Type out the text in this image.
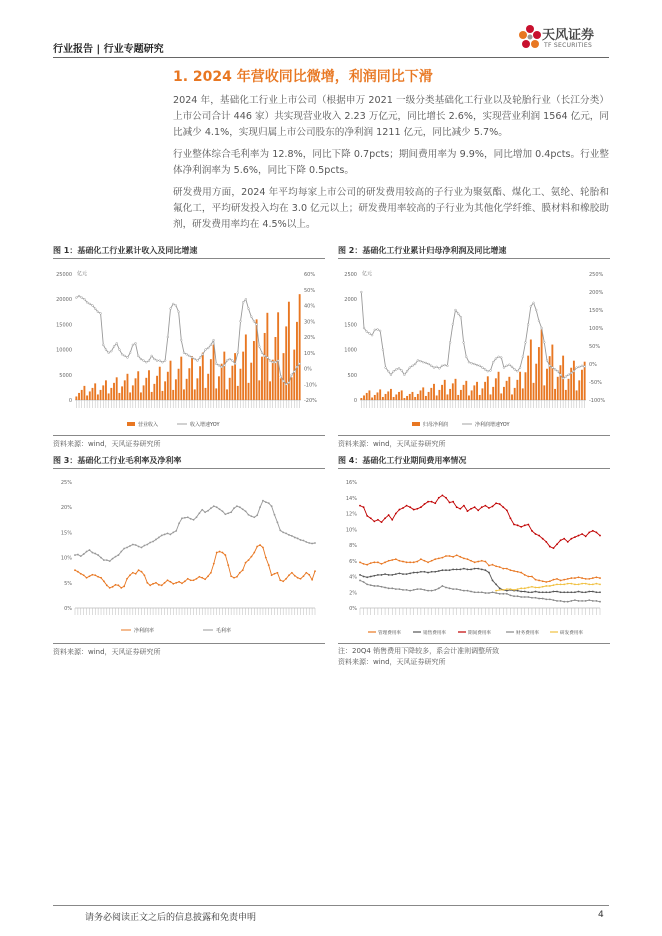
行业报告 | 行业专题研究
天风证券
TF SECURITIES
1. 2024 年营收同比微增，利润同比下滑
2024 年，基础化工行业上市公司（根据申万 2021 一级分类基础化工行业以及轮胎行业（长江分类）上市公司合计 446 家）共实现营业收入 2.23 万亿元，同比增长 2.6%，实现营业利润 1564 亿元，同比减少 4.1%，实现归属上市公司股东的净利润 1211 亿元，同比减少 5.7%。
行业整体综合毛利率为 12.8%，同比下降 0.7pcts；期间费用率为 9.9%，同比增加 0.4pcts。行业整体净利润率为 5.6%，同比下降 0.5pcts。
研发费用方面，2024 年平均每家上市公司的研发费用较高的子行业为聚氨酯、煤化工、氨纶、轮胎和氟化工，平均研发投入均在 3.0 亿元以上；研发费用率较高的子行业为其他化学纤维、膜材料和橡胶助剂，研发费用率均在 4.5%以上。
图 1：基础化工行业累计收入及同比增速
亿元
25000
20000
15000
10000
5000
0
60%
50%
40%
30%
20%
10%
0%
-10%
-20%
营业收入	收入增速YOY
资料来源：wind，天风证券研究所
图 2：基础化工行业累计归母净利润及同比增速
亿元
2500
2000
1500
1000
500
0
250%
200%
150%
100%
50%
0%
-50%
-100%
归母净利润	净利润增速YOY
资料来源：wind，天风证券研究所
图 3：基础化工行业毛利率及净利率
25%
20%
15%
10%
5%
0%
净利润率	毛利率
资料来源：wind，天风证券研究所
图 4：基础化工行业期间费用率情况
16%
14%
12%
10%
8%
6%
4%
2%
0%
管理费用率	销售费用率	期间费用率	财务费用率	研发费用率
注：20Q4 销售费用下降较多，系会计准则调整所致
资料来源：wind，天风证券研究所
请务必阅读正文之后的信息披露和免责申明	4
